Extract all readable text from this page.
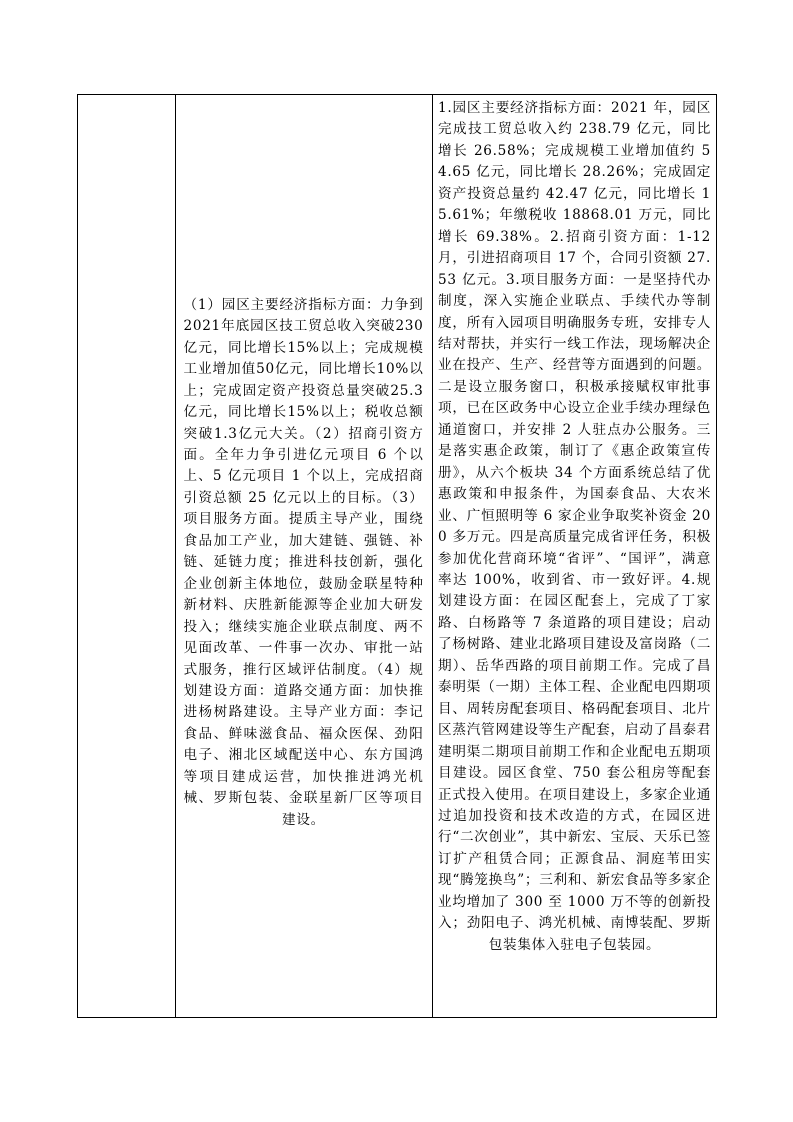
（1）园区主要经济指标方面：力争到2021年底园区技工贸总收入突破230亿元，同比增长15%以上；完成规模工业增加值50亿元，同比增长10%以上；完成固定资产投资总量突破25.3亿元，同比增长15%以上；税收总额突破1.3亿元大关。（2）招商引资方面。全年力争引进亿元项目 6 个以上、5 亿元项目 1 个以上，完成招商引资总额 25 亿元以上的目标。（3）项目服务方面。提质主导产业，围绕食品加工产业，加大建链、强链、补链、延链力度；推进科技创新，强化企业创新主体地位，鼓励金联星特种新材料、庆胜新能源等企业加大研发投入；继续实施企业联点制度、两不见面改革、一件事一次办、审批一站式服务，推行区域评估制度。（4）规划建设方面：道路交通方面：加快推进杨树路建设。主导产业方面：李记食品、鲜味滋食品、福众医保、劲阳电子、湘北区域配送中心、东方国鸿等项目建成运营，加快推进鸿光机械、罗斯包装、金联星新厂区等项目建设。
1.园区主要经济指标方面：2021 年，园区完成技工贸总收入约 238.79 亿元，同比增长 26.58%；完成规模工业增加值约 54.65 亿元，同比增长 28.26%；完成固定资产投资总量约 42.47 亿元，同比增长 15.61%；年缴税收 18868.01 万元，同比增长 69.38%。2.招商引资方面：1-12 月，引进招商项目 17 个，合同引资额 27.53 亿元。3.项目服务方面：一是坚持代办制度，深入实施企业联点、手续代办等制度，所有入园项目明确服务专班，安排专人结对帮扶，并实行一线工作法，现场解决企业在投产、生产、经营等方面遇到的问题。二是设立服务窗口，积极承接赋权审批事项，已在区政务中心设立企业手续办理绿色通道窗口，并安排 2 人驻点办公服务。三是落实惠企政策，制订了《惠企政策宣传册》，从六个板块 34 个方面系统总结了优惠政策和申报条件，为国泰食品、大农米业、广恒照明等 6 家企业争取奖补资金 200 多万元。四是高质量完成省评任务，积极参加优化营商环境“省评”、“国评”，满意率达 100%，收到省、市一致好评。4.规划建设方面：在园区配套上，完成了丁家路、白杨路等 7 条道路的项目建设；启动了杨树路、建业北路项目建设及富岗路（二期）、岳华西路的项目前期工作。完成了昌泰明渠（一期）主体工程、企业配电四期项目、周转房配套项目、格码配套项目、北片区蒸汽管网建设等生产配套，启动了昌泰君建明渠二期项目前期工作和企业配电五期项目建设。园区食堂、750 套公租房等配套正式投入使用。在项目建设上，多家企业通过追加投资和技术改造的方式，在园区进行“二次创业”，其中新宏、宝辰、天乐已签订扩产租赁合同；正源食品、洞庭苇田实现“腾笼换鸟”；三利和、新宏食品等多家企业均增加了 300 至 1000 万不等的创新投入；劲阳电子、鸿光机械、南博装配、罗斯包装集体入驻电子包装园。
